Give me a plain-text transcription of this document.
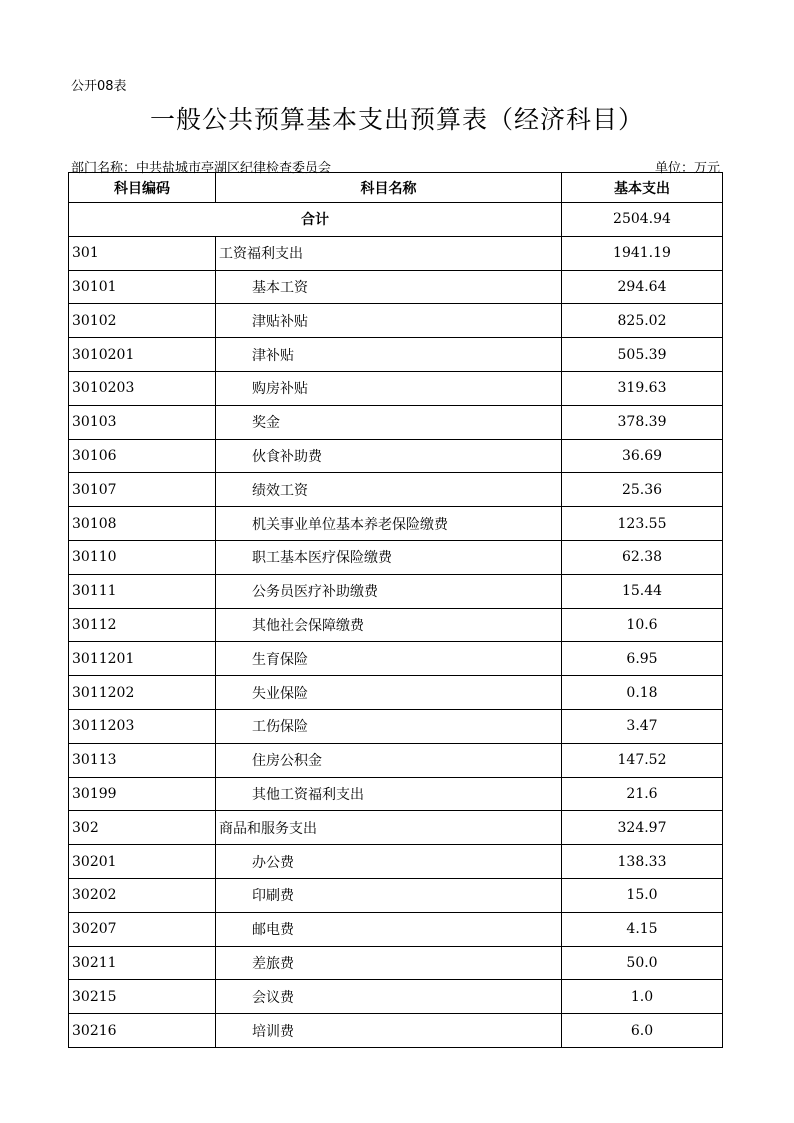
公开08表
一般公共预算基本支出预算表（经济科目）
部门名称：中共盐城市亭湖区纪律检查委员会	单位：万元
科目编码	科目名称	基本支出
合计		2504.94
301	工资福利支出	1941.19
30101	基本工资	294.64
30102	津贴补贴	825.02
3010201	津补贴	505.39
3010203	购房补贴	319.63
30103	奖金	378.39
30106	伙食补助费	36.69
30107	绩效工资	25.36
30108	机关事业单位基本养老保险缴费	123.55
30110	职工基本医疗保险缴费	62.38
30111	公务员医疗补助缴费	15.44
30112	其他社会保障缴费	10.6
3011201	生育保险	6.95
3011202	失业保险	0.18
3011203	工伤保险	3.47
30113	住房公积金	147.52
30199	其他工资福利支出	21.6
302	商品和服务支出	324.97
30201	办公费	138.33
30202	印刷费	15.0
30207	邮电费	4.15
30211	差旅费	50.0
30215	会议费	1.0
30216	培训费	6.0
